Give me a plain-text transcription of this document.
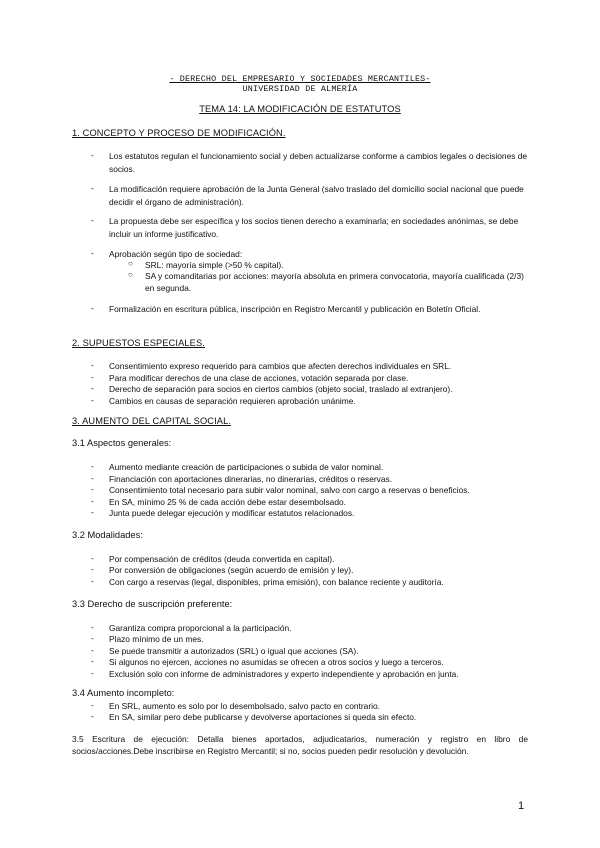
- DERECHO DEL EMPRESARIO Y SOCIEDADES MERCANTILES-
UNIVERSIDAD DE ALMERÍA
TEMA 14: LA MODIFICACIÓN DE ESTATUTOS
1. CONCEPTO Y PROCESO DE MODIFICACIÓN.
- Los estatutos regulan el funcionamiento social y deben actualizarse conforme a cambios legales o decisiones de socios.
- La modificación requiere aprobación de la Junta General (salvo traslado del domicilio social nacional que puede decidir el órgano de administración).
- La propuesta debe ser específica y los socios tienen derecho a examinarla; en sociedades anónimas, se debe incluir un informe justificativo.
- Aprobación según tipo de sociedad:
○ SRL: mayoría simple (>50 % capital).
○ SA y comanditarias por acciones: mayoría absoluta en primera convocatoria, mayoría cualificada (2/3) en segunda.
- Formalización en escritura pública, inscripción en Registro Mercantil y publicación en Boletín Oficial.
2. SUPUESTOS ESPECIALES.
- Consentimiento expreso requerido para cambios que afecten derechos individuales en SRL.
- Para modificar derechos de una clase de acciones, votación separada por clase.
- Derecho de separación para socios en ciertos cambios (objeto social, traslado al extranjero).
- Cambios en causas de separación requieren aprobación unánime.
3. AUMENTO DEL CAPITAL SOCIAL.
3.1 Aspectos generales:
- Aumento mediante creación de participaciones o subida de valor nominal.
- Financiación con aportaciones dinerarias, no dinerarias, créditos o reservas.
- Consentimiento total necesario para subir valor nominal, salvo con cargo a reservas o beneficios.
- En SA, mínimo 25 % de cada acción debe estar desembolsado.
- Junta puede delegar ejecución y modificar estatutos relacionados.
3.2 Modalidades:
- Por compensación de créditos (deuda convertida en capital).
- Por conversión de obligaciones (según acuerdo de emisión y ley).
- Con cargo a reservas (legal, disponibles, prima emisión), con balance reciente y auditoría.
3.3 Derecho de suscripción preferente:
- Garantiza compra proporcional a la participación.
- Plazo mínimo de un mes.
- Se puede transmitir a autorizados (SRL) o igual que acciones (SA).
- Si algunos no ejercen, acciones no asumidas se ofrecen a otros socios y luego a terceros.
- Exclusión solo con informe de administradores y experto independiente y aprobación en junta.
3.4 Aumento incompleto:
- En SRL, aumento es solo por lo desembolsado, salvo pacto en contrario.
- En SA, similar pero debe publicarse y devolverse aportaciones si queda sin efecto.
3.5 Escritura de ejecución: Detalla bienes aportados, adjudicatarios, numeración y registro en libro de socios/acciones.Debe inscribirse en Registro Mercantil; si no, socios pueden pedir resolución y devolución.
1
